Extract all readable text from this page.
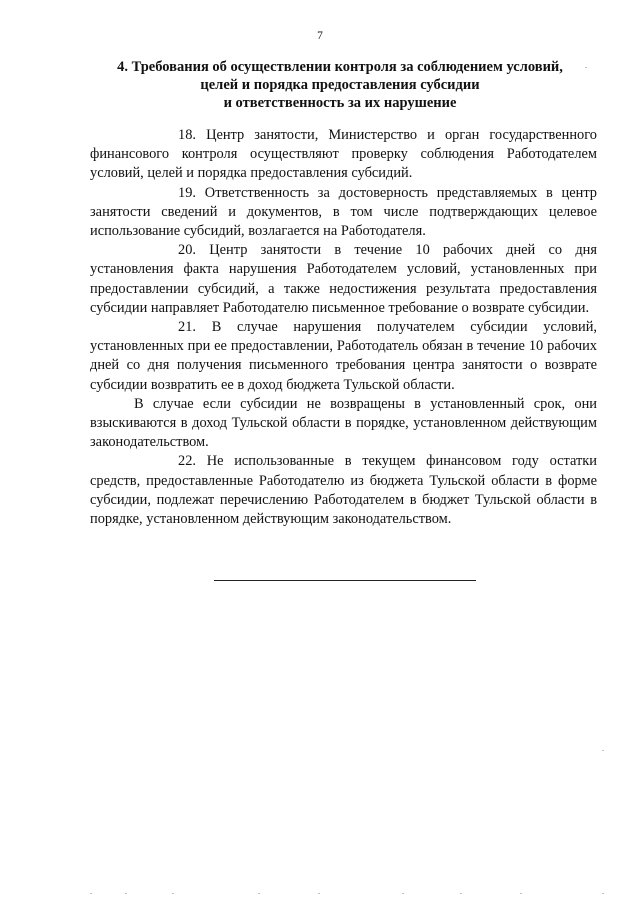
7
4. Требования об осуществлении контроля за соблюдением условий,
целей и порядка предоставления субсидии
и ответственность за их нарушение

18. Центр занятости, Министерство и орган государственного финансового контроля осуществляют проверку соблюдения Работодателем условий, целей и порядка предоставления субсидий.

19. Ответственность за достоверность представляемых в центр занятости сведений и документов, в том числе подтверждающих целевое использование субсидий, возлагается на Работодателя.

20. Центр занятости в течение 10 рабочих дней со дня установления факта нарушения Работодателем условий, установленных при предоставлении субсидий, а также недостижения результата предоставления субсидии направляет Работодателю письменное требование о возврате субсидии.

21. В случае нарушения получателем субсидии условий, установленных при ее предоставлении, Работодатель обязан в течение 10 рабочих дней со дня получения письменного требования центра занятости о возврате субсидии возвратить ее в доход бюджета Тульской области.

В случае если субсидии не возвращены в установленный срок, они взыскиваются в доход Тульской области в порядке, установленном действующим законодательством.

22. Не использованные в текущем финансовом году остатки средств, предоставленные Работодателю из бюджета Тульской области в форме субсидии, подлежат перечислению Работодателем в бюджет Тульской области в порядке, установленном действующим законодательством.
